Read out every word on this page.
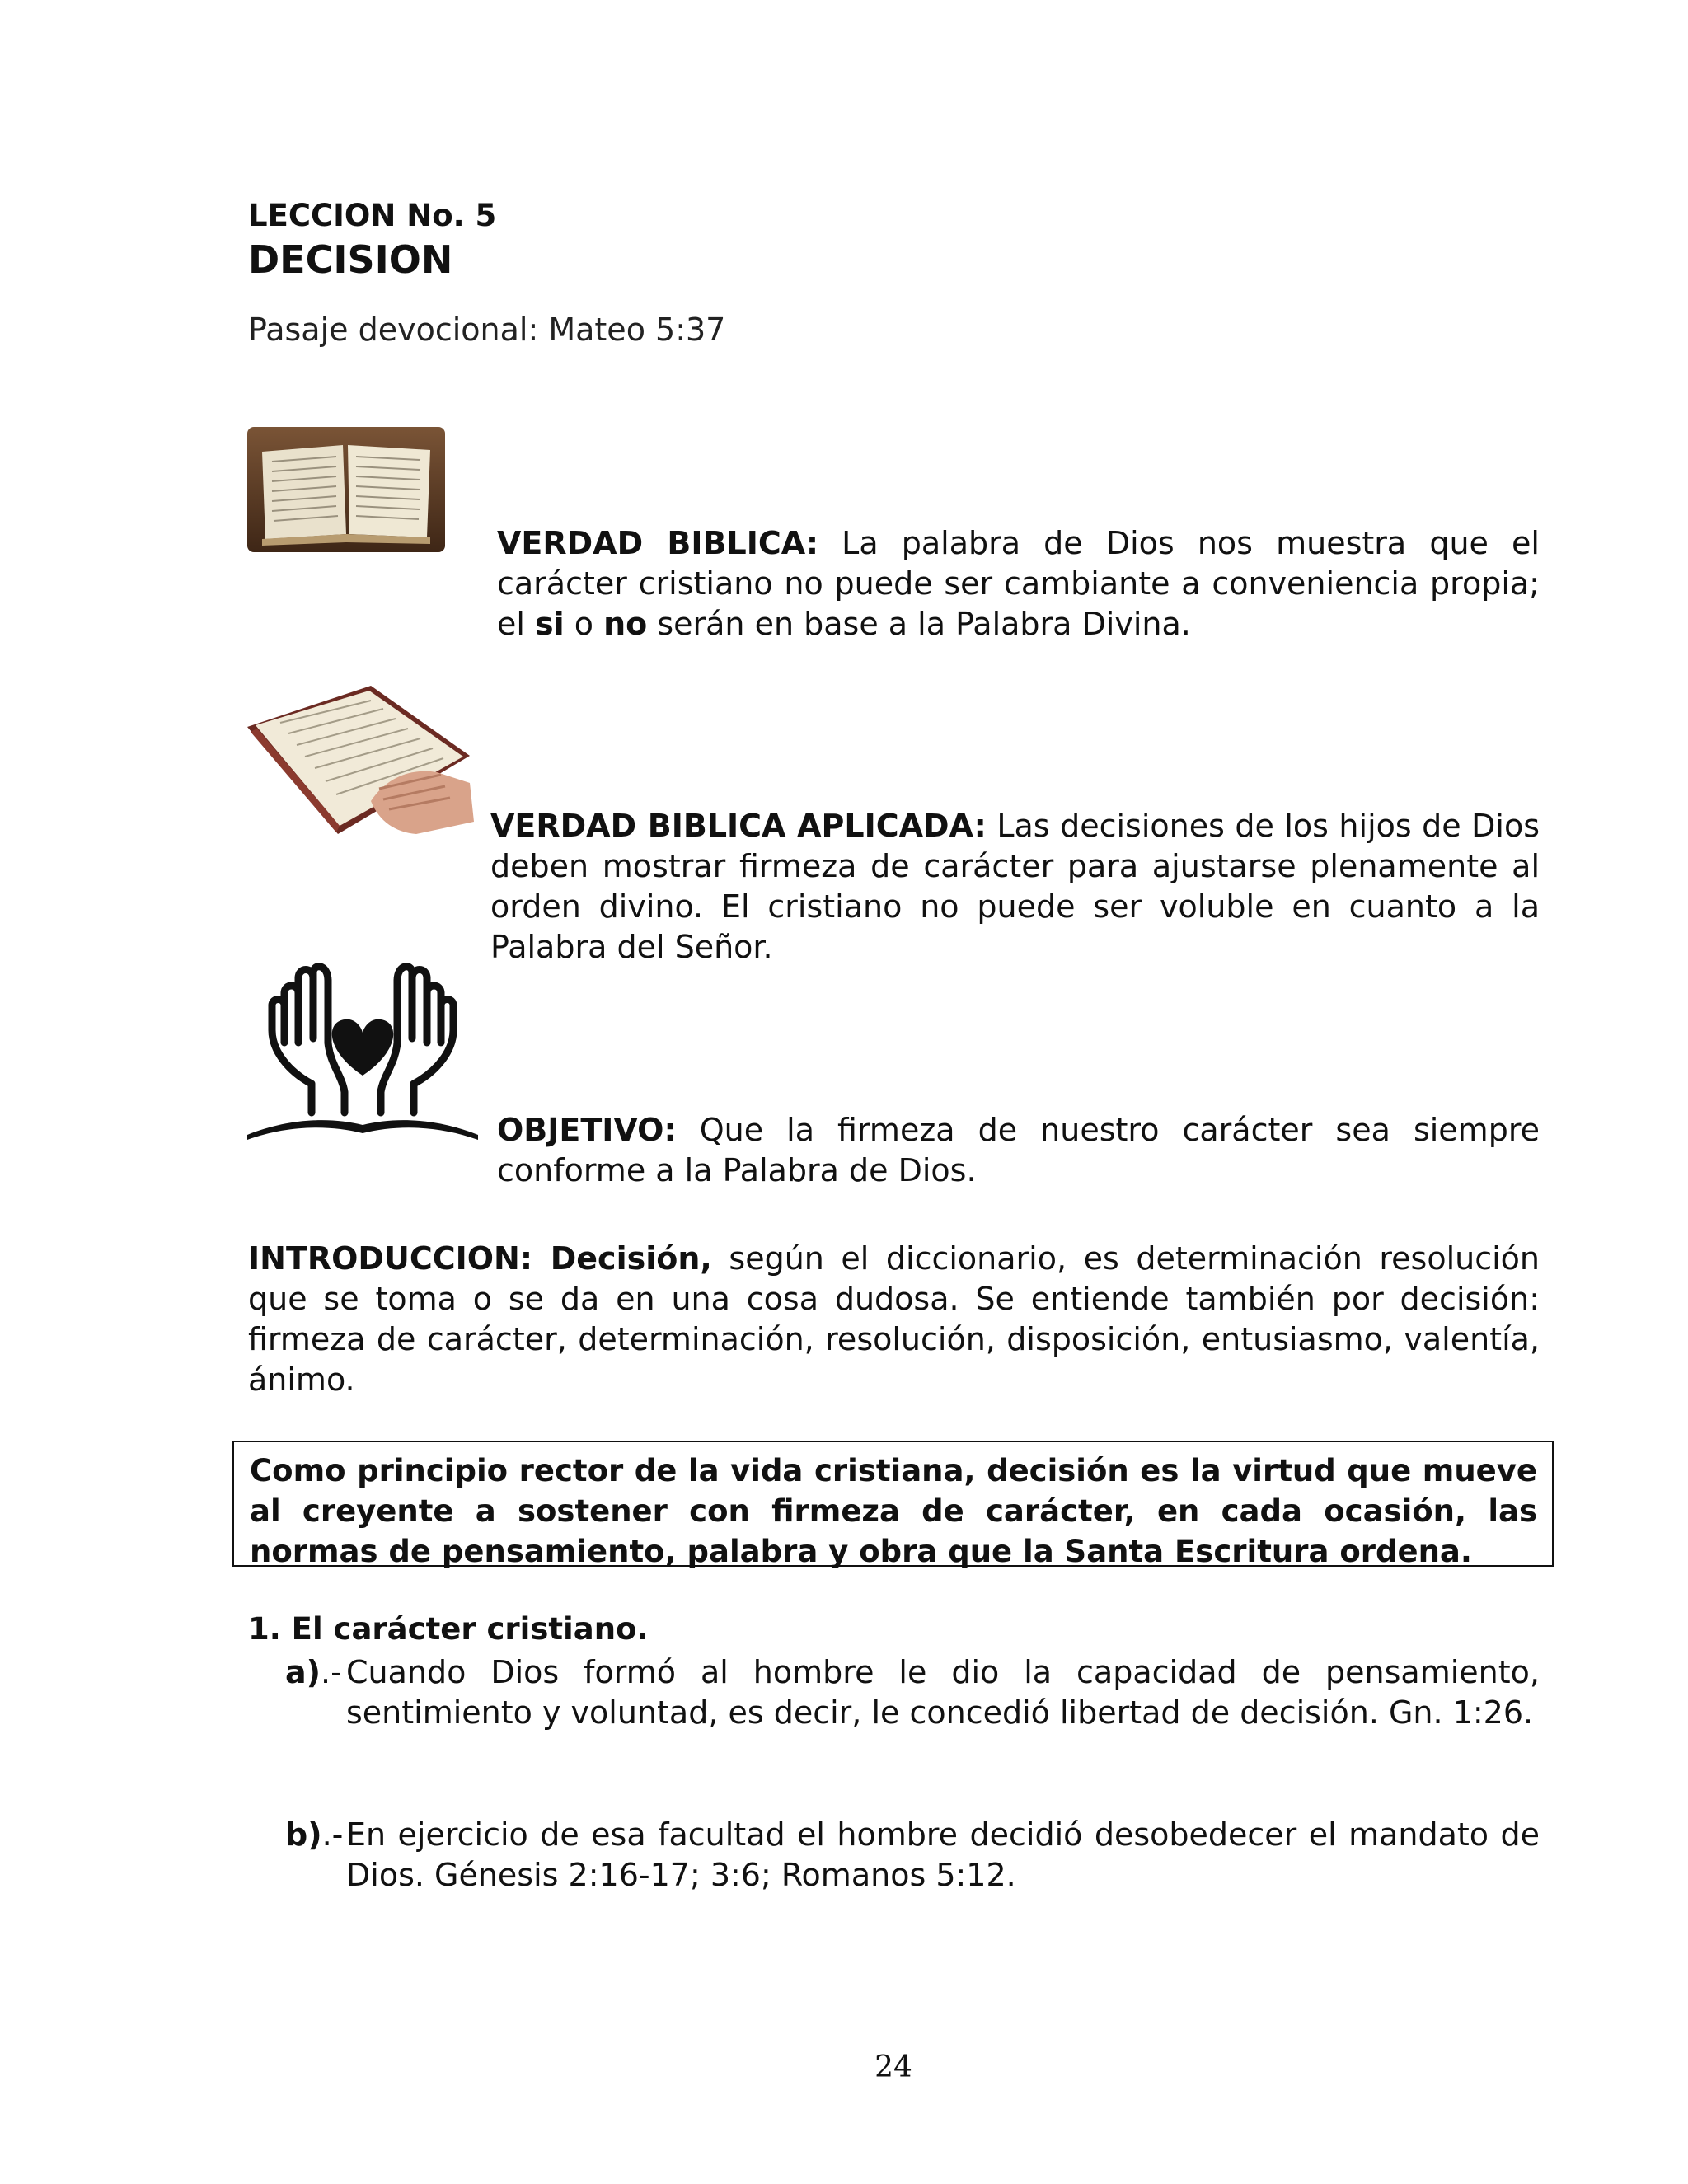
LECCION No. 5
DECISION
Pasaje devocional: Mateo 5:37
VERDAD BIBLICA: La palabra de Dios nos muestra que el carácter cristiano no puede ser cambiante a conveniencia propia; el si o no serán en base a la Palabra Divina.
VERDAD BIBLICA APLICADA: Las decisiones de los hijos de Dios deben mostrar firmeza de carácter para ajustarse plenamente al orden divino. El cristiano no puede ser voluble en cuanto a la Palabra del Señor.
OBJETIVO: Que la firmeza de nuestro carácter sea siempre conforme a la Palabra de Dios.
INTRODUCCION: Decisión, según el diccionario, es determinación resolución que se toma o se da en una cosa dudosa. Se entiende también por decisión: firmeza de carácter, determinación, resolución, disposición, entusiasmo, valentía, ánimo.
Como principio rector de la vida cristiana, decisión es la virtud que mueve al creyente a sostener con firmeza de carácter, en cada ocasión, las normas de pensamiento, palabra y obra que la Santa Escritura ordena.
1. El carácter cristiano.
a).- Cuando Dios formó al hombre le dio la capacidad de pensamiento, sentimiento y voluntad, es decir, le concedió libertad de decisión. Gn. 1:26.
b).- En ejercicio de esa facultad el hombre decidió desobedecer el mandato de Dios. Génesis 2:16-17; 3:6; Romanos 5:12.
24
